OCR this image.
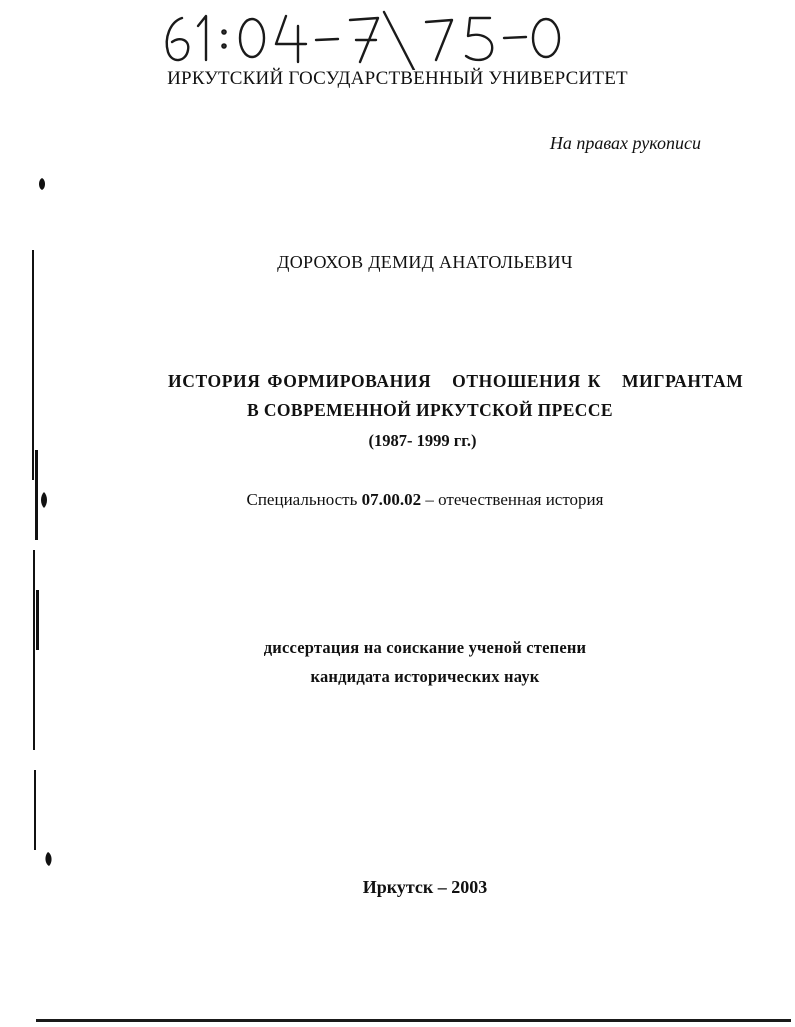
ИРКУТСКИЙ ГОСУДАРСТВЕННЫЙ УНИВЕРСИТЕТ
На правах рукописи
ДОРОХОВ ДЕМИД АНАТОЛЬЕВИЧ
ИСТОРИЯ ФОРМИРОВАНИЯ   ОТНОШЕНИЯ К   МИГРАНТАМ
В СОВРЕМЕННОЙ ИРКУТСКОЙ ПРЕССЕ
(1987- 1999 гг.)
Специальность 07.00.02 – отечественная история
диссертация на соискание ученой степени
кандидата исторических наук
Иркутск – 2003
